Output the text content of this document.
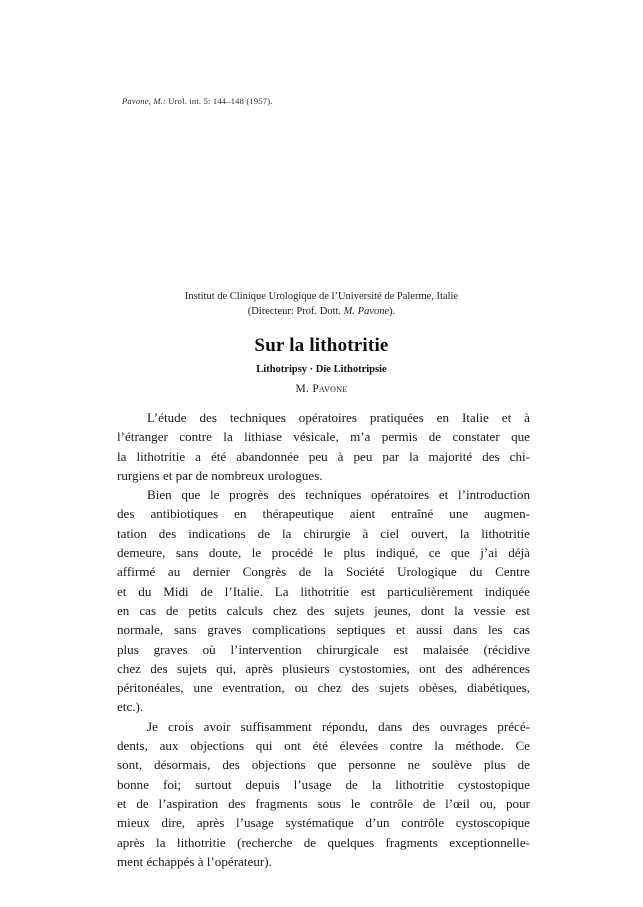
Pavone, M.: Urol. int. 5: 144–148 (1957).
Institut de Clinique Urologique de l’Université de Palerme, Italie
(Directeur: Prof. Dott. M. Pavone).
Sur la lithotritie
Lithotripsy · Die Lithotripsie
M. Pavone
L’étude des techniques opératoires pratiquées en Italie et à
l’étranger contre la lithiase vésicale, m’a permis de constater que
la lithotritie a été abandonnée peu à peu par la majorité des chi-
rurgiens et par de nombreux urologues.
Bien que le progrès des techniques opératoires et l’introduction
des antibiotiques en thérapeutique aient entraîné une augmen-
tation des indications de la chirurgie à ciel ouvert, la lithotritie
demeure, sans doute, le procédé le plus indiqué, ce que j’ai déjà
affirmé au dernier Congrès de la Société Urologique du Centre
et du Midi de l’Italie. La lithotritie est particulièrement indiquée
en cas de petits calculs chez des sujets jeunes, dont la vessie est
normale, sans graves complications septiques et aussi dans les cas
plus graves où l’intervention chirurgicale est malaisée (récidive
chez des sujets qui, après plusieurs cystostomies, ont des adhérences
péritonéales, une eventration, ou chez des sujets obèses, diabétiques,
etc.).
Je crois avoir suffisamment répondu, dans des ouvrages précé-
dents, aux objections qui ont été élevées contre la méthode. Ce
sont, désormais, des objections que personne ne soulève plus de
bonne foi; surtout depuis l’usage de la lithotritie cystostopique
et de l’aspiration des fragments sous le contrôle de l’œil ou, pour
mieux dire, après l’usage systématique d’un contrôle cystoscopique
après la lithotritie (recherche de quelques fragments exceptionnelle-
ment échappés à l’opérateur).
